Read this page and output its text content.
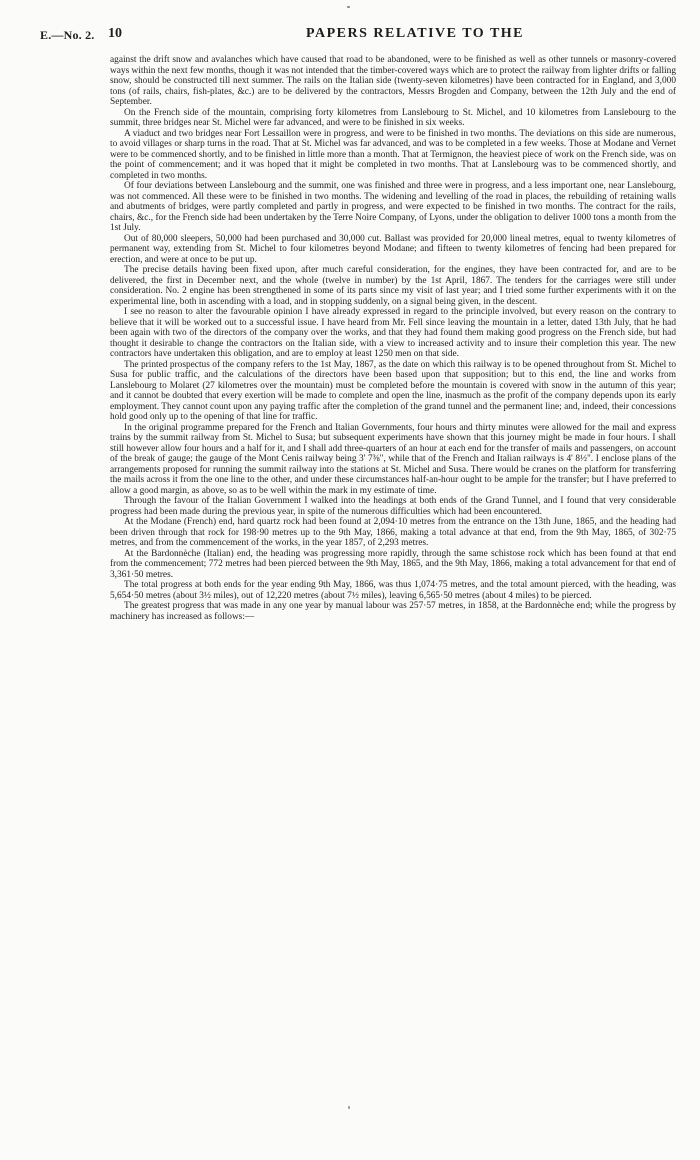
E.—No. 2. 10	PAPERS RELATIVE TO THE

against the drift snow and avalanches which have caused that road to be abandoned, were to be finished as well as other tunnels or masonry-covered ways within the next few months, though it was not intended that the timber-covered ways which are to protect the railway from lighter drifts or falling snow, should be constructed till next summer. The rails on the Italian side (twenty-seven kilometres) have been contracted for in England, and 3,000 tons (of rails, chairs, fish-plates, &c.) are to be delivered by the contractors, Messrs Brogden and Company, between the 12th July and the end of September.

On the French side of the mountain, comprising forty kilometres from Lanslebourg to St. Michel, and 10 kilometres from Lanslebourg to the summit, three bridges near St. Michel were far advanced, and were to be finished in six weeks.

A viaduct and two bridges near Fort Lessaillon were in progress, and were to be finished in two months. The deviations on this side are numerous, to avoid villages or sharp turns in the road. That at St. Michel was far advanced, and was to be completed in a few weeks. Those at Modane and Vernet were to be commenced shortly, and to be finished in little more than a month. That at Termignon, the heaviest piece of work on the French side, was on the point of commencement; and it was hoped that it might be completed in two months. That at Lanslebourg was to be commenced shortly, and completed in two months.

Of four deviations between Lanslebourg and the summit, one was finished and three were in progress, and a less important one, near Lanslebourg, was not commenced. All these were to be finished in two months. The widening and levelling of the road in places, the rebuilding of retaining walls and abutments of bridges, were partly completed and partly in progress, and were expected to be finished in two months. The contract for the rails, chairs, &c., for the French side had been undertaken by the Terre Noire Company, of Lyons, under the obligation to deliver 1000 tons a month from the 1st July.

Out of 80,000 sleepers, 50,000 had been purchased and 30,000 cut. Ballast was provided for 20,000 lineal metres, equal to twenty kilometres of permanent way, extending from St. Michel to four kilometres beyond Modane; and fifteen to twenty kilometres of fencing had been prepared for erection, and were at once to be put up.

The precise details having been fixed upon, after much careful consideration, for the engines, they have been contracted for, and are to be delivered, the first in December next, and the whole (twelve in number) by the 1st April, 1867. The tenders for the carriages were still under consideration. No. 2 engine has been strengthened in some of its parts since my visit of last year; and I tried some further experiments with it on the experimental line, both in ascending with a load, and in stopping suddenly, on a signal being given, in the descent.

I see no reason to alter the favourable opinion I have already expressed in regard to the principle involved, but every reason on the contrary to believe that it will be worked out to a successful issue. I have heard from Mr. Fell since leaving the mountain in a letter, dated 13th July, that he had been again with two of the directors of the company over the works, and that they had found them making good progress on the French side, but had thought it desirable to change the contractors on the Italian side, with a view to increased activity and to insure their completion this year. The new contractors have undertaken this obligation, and are to employ at least 1250 men on that side.

The printed prospectus of the company refers to the 1st May, 1867, as the date on which this railway is to be opened throughout from St. Michel to Susa for public traffic, and the calculations of the directors have been based upon that supposition; but to this end, the line and works from Lanslebourg to Molaret (27 kilometres over the mountain) must be completed before the mountain is covered with snow in the autumn of this year; and it cannot be doubted that every exertion will be made to complete and open the line, inasmuch as the profit of the company depends upon its early employment. They cannot count upon any paying traffic after the completion of the grand tunnel and the permanent line; and, indeed, their concessions hold good only up to the opening of that line for traffic.

In the original programme prepared for the French and Italian Governments, four hours and thirty minutes were allowed for the mail and express trains by the summit railway from St. Michel to Susa; but subsequent experiments have shown that this journey might be made in four hours. I shall still however allow four hours and a half for it, and I shall add three-quarters of an hour at each end for the transfer of mails and passengers, on account of the break of gauge; the gauge of the Mont Cenis railway being 3' 7⅜", while that of the French and Italian railways is 4' 8½". I enclose plans of the arrangements proposed for running the summit railway into the stations at St. Michel and Susa. There would be cranes on the platform for transferring the mails across it from the one line to the other, and under these circumstances half-an-hour ought to be ample for the transfer; but I have preferred to allow a good margin, as above, so as to be well within the mark in my estimate of time.

Through the favour of the Italian Government I walked into the headings at both ends of the Grand Tunnel, and I found that very considerable progress had been made during the previous year, in spite of the numerous difficulties which had been encountered.

At the Modane (French) end, hard quartz rock had been found at 2,094·10 metres from the entrance on the 13th June, 1865, and the heading had been driven through that rock for 198·90 metres up to the 9th May, 1866, making a total advance at that end, from the 9th May, 1865, of 302·75 metres, and from the commencement of the works, in the year 1857, of 2,293 metres.

At the Bardonnèche (Italian) end, the heading was progressing more rapidly, through the same schistose rock which has been found at that end from the commencement; 772 metres had been pierced between the 9th May, 1865, and the 9th May, 1866, making a total advancement for that end of 3,361·50 metres.

The total progress at both ends for the year ending 9th May, 1866, was thus 1,074·75 metres, and the total amount pierced, with the heading, was 5,654·50 metres (about 3½ miles), out of 12,220 metres (about 7½ miles), leaving 6,565·50 metres (about 4 miles) to be pierced.

The greatest progress that was made in any one year by manual labour was 257·57 metres, in 1858, at the Bardonnèche end; while the progress by machinery has increased as follows:—
